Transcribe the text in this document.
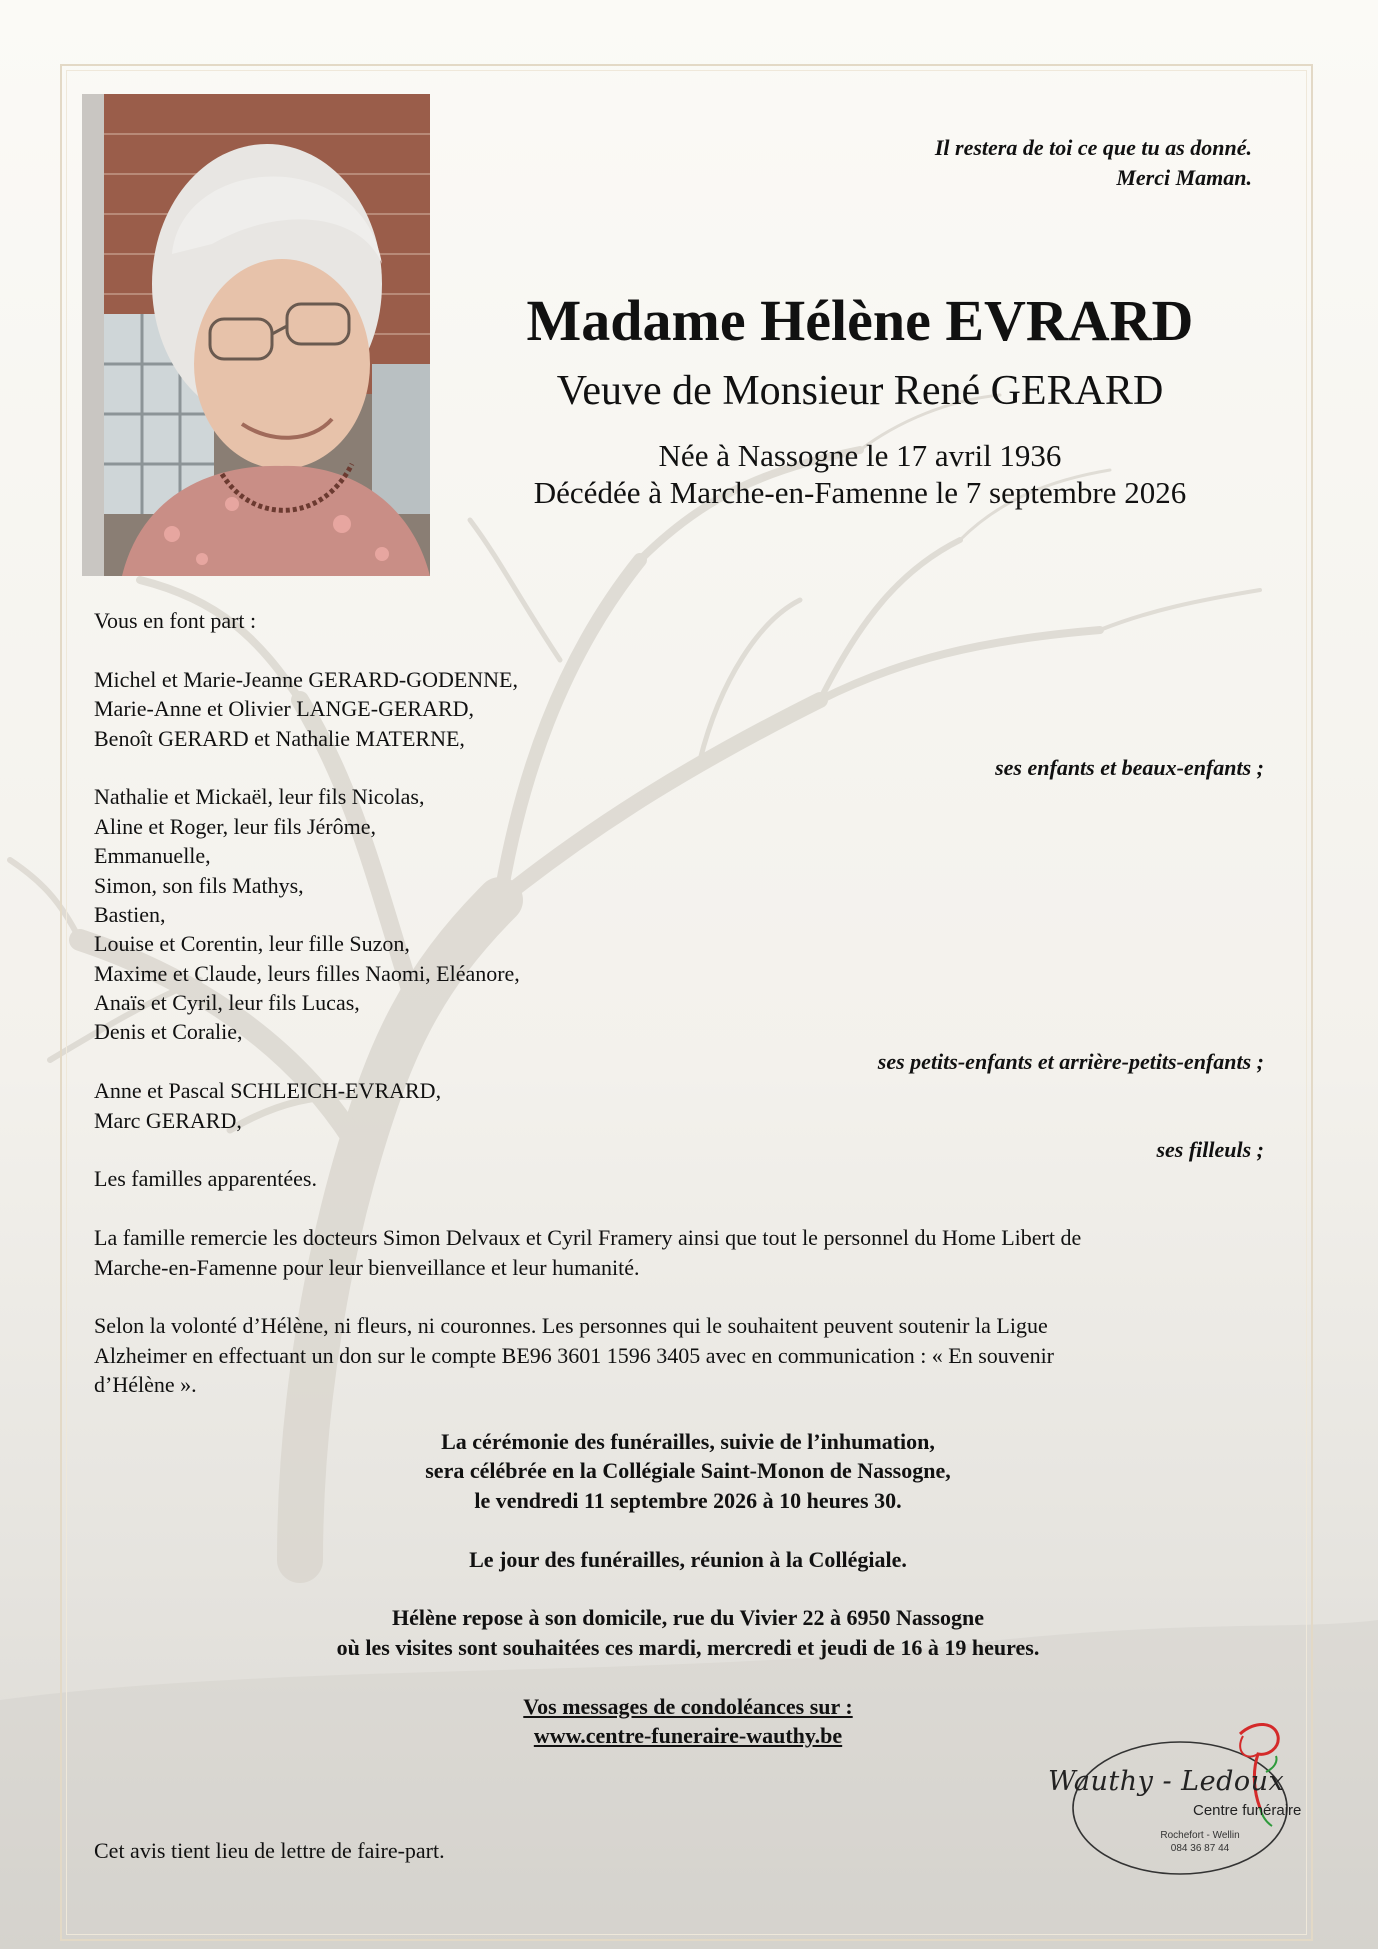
Il restera de toi ce que tu as donné.
Merci Maman.
Madame Hélène EVRARD
Veuve de Monsieur René GERARD
Née à Nassogne le 17 avril 1936
Décédée à Marche-en-Famenne le 7 septembre 2026
Vous en font part :
Michel et Marie-Jeanne GERARD-GODENNE,
Marie-Anne et Olivier LANGE-GERARD,
Benoît GERARD et Nathalie MATERNE,
ses enfants et beaux-enfants ;
Nathalie et Mickaël, leur fils Nicolas,
Aline et Roger, leur fils Jérôme,
Emmanuelle,
Simon, son fils Mathys,
Bastien,
Louise et Corentin, leur fille Suzon,
Maxime et Claude, leurs filles Naomi, Eléanore,
Anaïs et Cyril, leur fils Lucas,
Denis et Coralie,
ses petits-enfants et arrière-petits-enfants ;
Anne et Pascal SCHLEICH-EVRARD,
Marc GERARD,
ses filleuls ;
Les familles apparentées.
La famille remercie les docteurs Simon Delvaux et Cyril Framery ainsi que tout le personnel du Home Libert de
Marche-en-Famenne pour leur bienveillance et leur humanité.
Selon la volonté d’Hélène, ni fleurs, ni couronnes. Les personnes qui le souhaitent peuvent soutenir la Ligue
Alzheimer en effectuant un don sur le compte BE96 3601 1596 3405 avec en communication : « En souvenir
d’Hélène ».
La cérémonie des funérailles, suivie de l’inhumation,
sera célébrée en la Collégiale Saint-Monon de Nassogne,
le vendredi 11 septembre 2026 à 10 heures 30.
Le jour des funérailles, réunion à la Collégiale.
Hélène repose à son domicile, rue du Vivier 22 à 6950 Nassogne
où les visites sont souhaitées ces mardi, mercredi et jeudi de 16 à 19 heures.
Vos messages de condoléances sur :
www.centre-funeraire-wauthy.be
Cet avis tient lieu de lettre de faire-part.
Wauthy - Ledoux
Centre funéraire
Rochefort - Wellin
084 36 87 44
